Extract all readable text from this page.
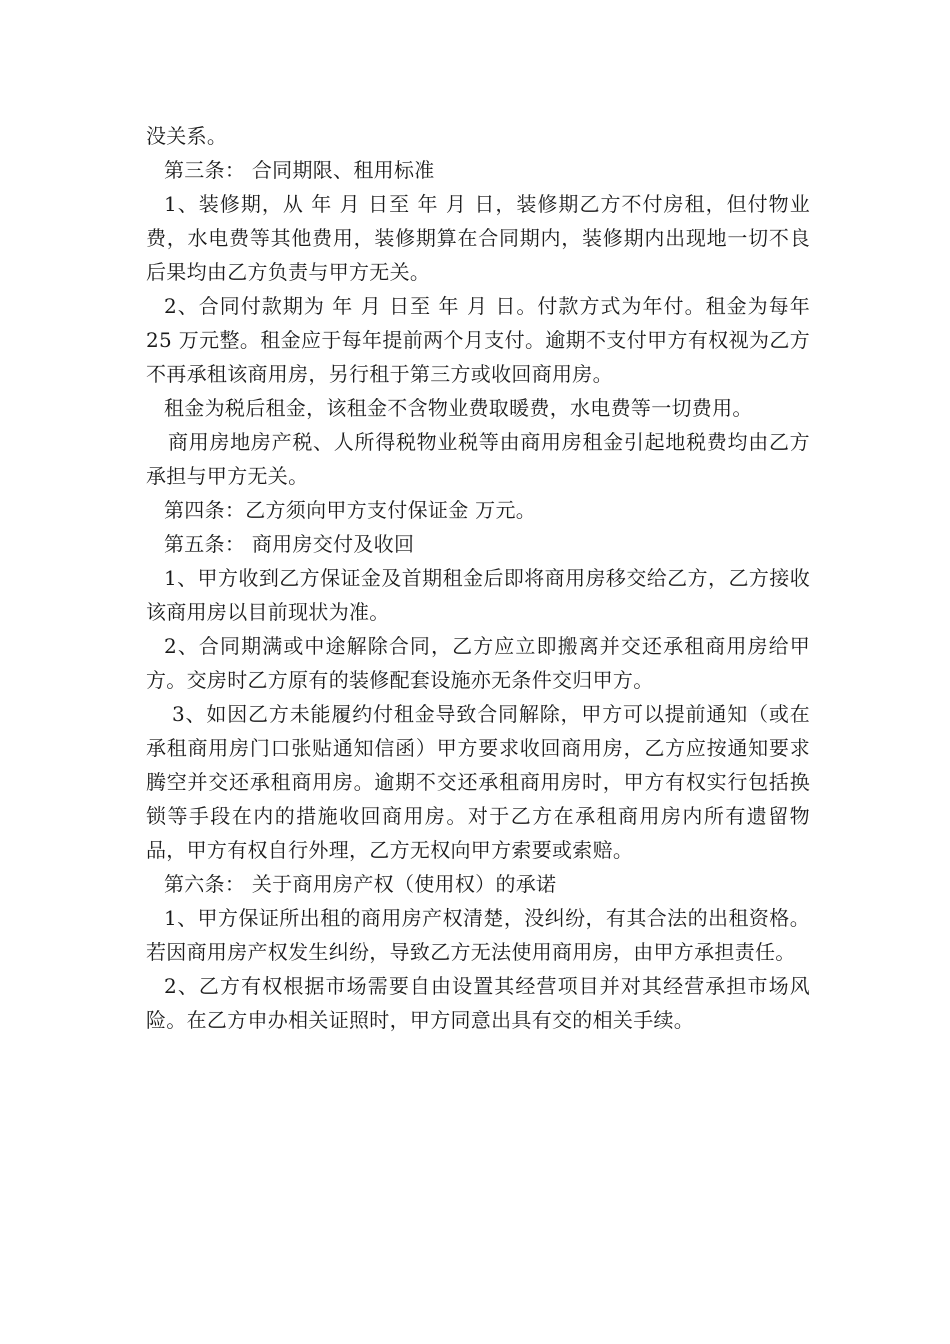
没关系。

第三条： 合同期限、租用标准

1、装修期，从 年 月 日至 年 月 日，装修期乙方不付房租，但付物业费，水电费等其他费用，装修期算在合同期内，装修期内出现地一切不良后果均由乙方负责与甲方无关。

2、合同付款期为 年 月 日至 年 月 日。付款方式为年付。租金为每年 25 万元整。租金应于每年提前两个月支付。逾期不支付甲方有权视为乙方不再承租该商用房，另行租于第三方或收回商用房。

租金为税后租金，该租金不含物业费取暖费，水电费等一切费用。

商用房地房产税、人所得税物业税等由商用房租金引起地税费均由乙方承担与甲方无关。

第四条：乙方须向甲方支付保证金 万元。

第五条： 商用房交付及收回

1、甲方收到乙方保证金及首期租金后即将商用房移交给乙方，乙方接收该商用房以目前现状为准。

2、合同期满或中途解除合同，乙方应立即搬离并交还承租商用房给甲方。交房时乙方原有的装修配套设施亦无条件交归甲方。

3、如因乙方未能履约付租金导致合同解除，甲方可以提前通知（或在承租商用房门口张贴通知信函）甲方要求收回商用房，乙方应按通知要求腾空并交还承租商用房。逾期不交还承租商用房时，甲方有权实行包括换锁等手段在内的措施收回商用房。对于乙方在承租商用房内所有遗留物品，甲方有权自行外理，乙方无权向甲方索要或索赔。

第六条： 关于商用房产权（使用权）的承诺

1、甲方保证所出租的商用房产权清楚，没纠纷，有其合法的出租资格。若因商用房产权发生纠纷，导致乙方无法使用商用房，由甲方承担责任。

2、乙方有权根据市场需要自由设置其经营项目并对其经营承担市场风险。在乙方申办相关证照时，甲方同意出具有交的相关手续。
